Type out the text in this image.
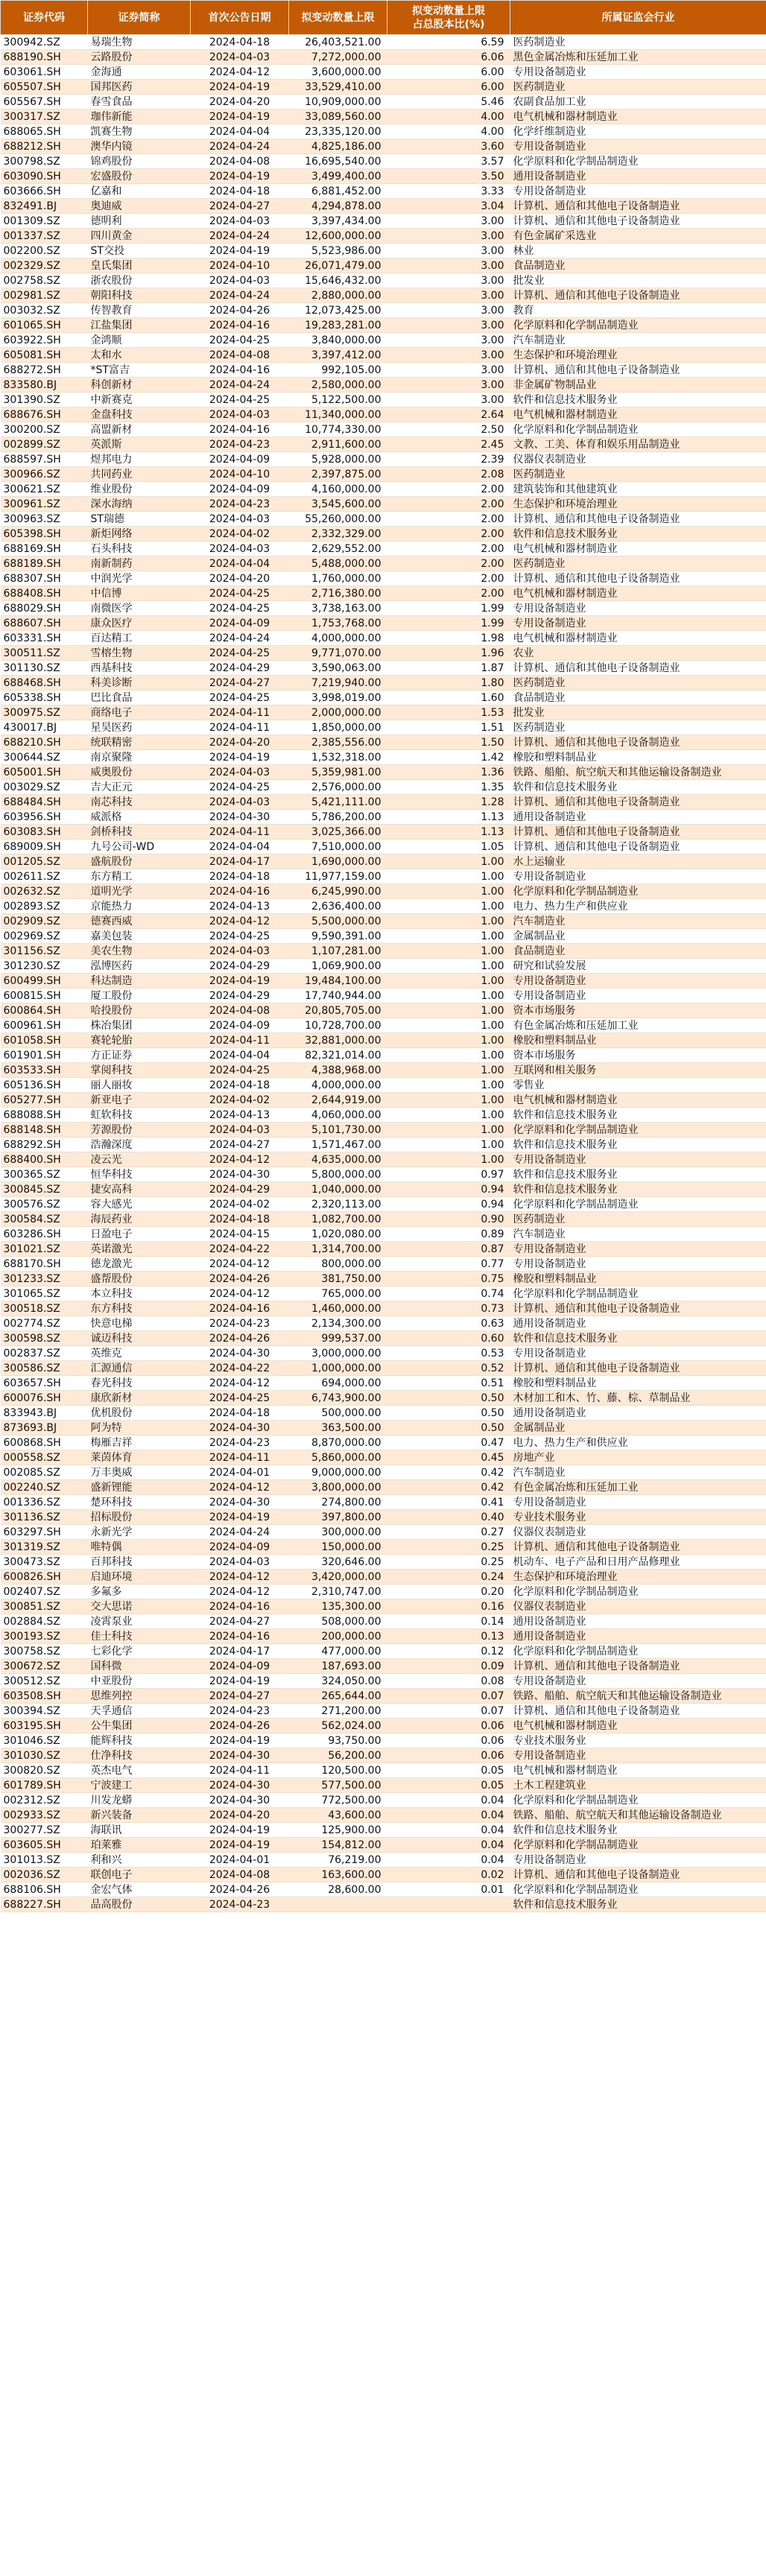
证券代码	证券简称	首次公告日期	拟变动数量上限	拟变动数量上限
占总股本比(%)	所属证监会行业
300942.SZ	易瑞生物	2024-04-18	26,403,521.00	6.59	医药制造业
688190.SH	云路股份	2024-04-03	7,272,000.00	6.06	黑色金属冶炼和压延加工业
603061.SH	金海通	2024-04-12	3,600,000.00	6.00	专用设备制造业
605507.SH	国邦医药	2024-04-19	33,529,410.00	6.00	医药制造业
605567.SH	春雪食品	2024-04-20	10,909,000.00	5.46	农副食品加工业
300317.SZ	珈伟新能	2024-04-19	33,089,560.00	4.00	电气机械和器材制造业
688065.SH	凯赛生物	2024-04-04	23,335,120.00	4.00	化学纤维制造业
688212.SH	澳华内镜	2024-04-24	4,825,186.00	3.60	专用设备制造业
300798.SZ	锦鸡股份	2024-04-08	16,695,540.00	3.57	化学原料和化学制品制造业
603090.SH	宏盛股份	2024-04-19	3,499,400.00	3.50	通用设备制造业
603666.SH	亿嘉和	2024-04-18	6,881,452.00	3.33	专用设备制造业
832491.BJ	奥迪威	2024-04-27	4,294,878.00	3.04	计算机、通信和其他电子设备制造业
001309.SZ	德明利	2024-04-03	3,397,434.00	3.00	计算机、通信和其他电子设备制造业
001337.SZ	四川黄金	2024-04-24	12,600,000.00	3.00	有色金属矿采选业
002200.SZ	ST交投	2024-04-19	5,523,986.00	3.00	林业
002329.SZ	皇氏集团	2024-04-10	26,071,479.00	3.00	食品制造业
002758.SZ	浙农股份	2024-04-03	15,646,432.00	3.00	批发业
002981.SZ	朝阳科技	2024-04-24	2,880,000.00	3.00	计算机、通信和其他电子设备制造业
003032.SZ	传智教育	2024-04-26	12,073,425.00	3.00	教育
601065.SH	江盐集团	2024-04-16	19,283,281.00	3.00	化学原料和化学制品制造业
603922.SH	金鸿顺	2024-04-25	3,840,000.00	3.00	汽车制造业
605081.SH	太和水	2024-04-08	3,397,412.00	3.00	生态保护和环境治理业
688272.SH	*ST富吉	2024-04-16	992,105.00	3.00	计算机、通信和其他电子设备制造业
833580.BJ	科创新材	2024-04-24	2,580,000.00	3.00	非金属矿物制品业
301390.SZ	中新赛克	2024-04-25	5,122,500.00	3.00	软件和信息技术服务业
688676.SH	金盘科技	2024-04-03	11,340,000.00	2.64	电气机械和器材制造业
300200.SZ	高盟新材	2024-04-16	10,774,330.00	2.50	化学原料和化学制品制造业
002899.SZ	英派斯	2024-04-23	2,911,600.00	2.45	文教、工美、体育和娱乐用品制造业
688597.SH	煜邦电力	2024-04-09	5,928,000.00	2.39	仪器仪表制造业
300966.SZ	共同药业	2024-04-10	2,397,875.00	2.08	医药制造业
300621.SZ	维业股份	2024-04-09	4,160,000.00	2.00	建筑装饰和其他建筑业
300961.SZ	深水海纳	2024-04-23	3,545,600.00	2.00	生态保护和环境治理业
300963.SZ	ST瑞德	2024-04-03	55,260,000.00	2.00	计算机、通信和其他电子设备制造业
605398.SH	新炬网络	2024-04-02	2,332,329.00	2.00	软件和信息技术服务业
688169.SH	石头科技	2024-04-03	2,629,552.00	2.00	电气机械和器材制造业
688189.SH	南新制药	2024-04-04	5,488,000.00	2.00	医药制造业
688307.SH	中润光学	2024-04-20	1,760,000.00	2.00	计算机、通信和其他电子设备制造业
688408.SH	中信博	2024-04-25	2,716,380.00	2.00	电气机械和器材制造业
688029.SH	南微医学	2024-04-25	3,738,163.00	1.99	专用设备制造业
688607.SH	康众医疗	2024-04-09	1,753,768.00	1.99	专用设备制造业
603331.SH	百达精工	2024-04-24	4,000,000.00	1.98	电气机械和器材制造业
300511.SZ	雪榕生物	2024-04-25	9,771,070.00	1.96	农业
301130.SZ	西基科技	2024-04-29	3,590,063.00	1.87	计算机、通信和其他电子设备制造业
688468.SH	科美诊断	2024-04-27	7,219,940.00	1.80	医药制造业
605338.SH	巴比食品	2024-04-25	3,998,019.00	1.60	食品制造业
300975.SZ	商络电子	2024-04-11	2,000,000.00	1.53	批发业
430017.BJ	星昊医药	2024-04-11	1,850,000.00	1.51	医药制造业
688210.SH	统联精密	2024-04-20	2,385,556.00	1.50	计算机、通信和其他电子设备制造业
300644.SZ	南京聚隆	2024-04-19	1,532,318.00	1.42	橡胶和塑料制品业
605001.SH	威奥股份	2024-04-03	5,359,981.00	1.36	铁路、船舶、航空航天和其他运输设备制造业
003029.SZ	吉大正元	2024-04-25	2,576,000.00	1.35	软件和信息技术服务业
688484.SH	南芯科技	2024-04-03	5,421,111.00	1.28	计算机、通信和其他电子设备制造业
603956.SH	威派格	2024-04-30	5,786,200.00	1.13	通用设备制造业
603083.SH	剑桥科技	2024-04-11	3,025,366.00	1.13	计算机、通信和其他电子设备制造业
689009.SH	九号公司-WD	2024-04-04	7,510,000.00	1.05	计算机、通信和其他电子设备制造业
001205.SZ	盛航股份	2024-04-17	1,690,000.00	1.00	水上运输业
002611.SZ	东方精工	2024-04-18	11,977,159.00	1.00	专用设备制造业
002632.SZ	道明光学	2024-04-16	6,245,990.00	1.00	化学原料和化学制品制造业
002893.SZ	京能热力	2024-04-13	2,636,400.00	1.00	电力、热力生产和供应业
002909.SZ	德赛西威	2024-04-12	5,500,000.00	1.00	汽车制造业
002969.SZ	嘉美包装	2024-04-25	9,590,391.00	1.00	金属制品业
301156.SZ	美农生物	2024-04-03	1,107,281.00	1.00	食品制造业
301230.SZ	泓博医药	2024-04-29	1,069,900.00	1.00	研究和试验发展
600499.SH	科达制造	2024-04-19	19,484,100.00	1.00	专用设备制造业
600815.SH	厦工股份	2024-04-29	17,740,944.00	1.00	专用设备制造业
600864.SH	哈投股份	2024-04-08	20,805,705.00	1.00	资本市场服务
600961.SH	株冶集团	2024-04-09	10,728,700.00	1.00	有色金属冶炼和压延加工业
601058.SH	赛轮轮胎	2024-04-11	32,881,000.00	1.00	橡胶和塑料制品业
601901.SH	方正证券	2024-04-04	82,321,014.00	1.00	资本市场服务
603533.SH	掌阅科技	2024-04-25	4,388,968.00	1.00	互联网和相关服务
605136.SH	丽人丽妆	2024-04-18	4,000,000.00	1.00	零售业
605277.SH	新亚电子	2024-04-02	2,644,919.00	1.00	电气机械和器材制造业
688088.SH	虹软科技	2024-04-13	4,060,000.00	1.00	软件和信息技术服务业
688148.SH	芳源股份	2024-04-03	5,101,730.00	1.00	化学原料和化学制品制造业
688292.SH	浩瀚深度	2024-04-27	1,571,467.00	1.00	软件和信息技术服务业
688400.SH	凌云光	2024-04-12	4,635,000.00	1.00	专用设备制造业
300365.SZ	恒华科技	2024-04-30	5,800,000.00	0.97	软件和信息技术服务业
300845.SZ	捷安高科	2024-04-29	1,040,000.00	0.94	软件和信息技术服务业
300576.SZ	容大感光	2024-04-02	2,320,113.00	0.94	化学原料和化学制品制造业
300584.SZ	海辰药业	2024-04-18	1,082,700.00	0.90	医药制造业
603286.SH	日盈电子	2024-04-15	1,020,080.00	0.89	汽车制造业
301021.SZ	英诺激光	2024-04-22	1,314,700.00	0.87	专用设备制造业
688170.SH	德龙激光	2024-04-12	800,000.00	0.77	专用设备制造业
301233.SZ	盛帮股份	2024-04-26	381,750.00	0.75	橡胶和塑料制品业
301065.SZ	本立科技	2024-04-12	765,000.00	0.74	化学原料和化学制品制造业
300518.SZ	东方科技	2024-04-16	1,460,000.00	0.73	计算机、通信和其他电子设备制造业
002774.SZ	快意电梯	2024-04-23	2,134,300.00	0.63	通用设备制造业
300598.SZ	诚迈科技	2024-04-26	999,537.00	0.60	软件和信息技术服务业
002837.SZ	英维克	2024-04-30	3,000,000.00	0.53	专用设备制造业
300586.SZ	汇源通信	2024-04-22	1,000,000.00	0.52	计算机、通信和其他电子设备制造业
603657.SH	春光科技	2024-04-12	694,000.00	0.51	橡胶和塑料制品业
600076.SH	康欣新材	2024-04-25	6,743,900.00	0.50	木材加工和木、竹、藤、棕、草制品业
833943.BJ	优机股份	2024-04-18	500,000.00	0.50	通用设备制造业
873693.BJ	阿为特	2024-04-30	363,500.00	0.50	金属制品业
600868.SH	梅雁吉祥	2024-04-23	8,870,000.00	0.47	电力、热力生产和供应业
000558.SZ	莱茵体育	2024-04-11	5,860,000.00	0.45	房地产业
002085.SZ	万丰奥威	2024-04-01	9,000,000.00	0.42	汽车制造业
002240.SZ	盛新锂能	2024-04-12	3,800,000.00	0.42	有色金属冶炼和压延加工业
001336.SZ	楚环科技	2024-04-30	274,800.00	0.41	专用设备制造业
301136.SZ	招标股份	2024-04-19	397,800.00	0.40	专业技术服务业
603297.SH	永新光学	2024-04-24	300,000.00	0.27	仪器仪表制造业
301319.SZ	唯特偶	2024-04-09	150,000.00	0.25	计算机、通信和其他电子设备制造业
300473.SZ	百邦科技	2024-04-03	320,646.00	0.25	机动车、电子产品和日用产品修理业
600826.SH	启迪环境	2024-04-12	3,420,000.00	0.24	生态保护和环境治理业
002407.SZ	多氟多	2024-04-12	2,310,747.00	0.20	化学原料和化学制品制造业
300851.SZ	交大思诺	2024-04-16	135,300.00	0.16	仪器仪表制造业
002884.SZ	凌霄泵业	2024-04-27	508,000.00	0.14	通用设备制造业
300193.SZ	佳士科技	2024-04-16	200,000.00	0.13	通用设备制造业
300758.SZ	七彩化学	2024-04-17	477,000.00	0.12	化学原料和化学制品制造业
300672.SZ	国科微	2024-04-09	187,693.00	0.09	计算机、通信和其他电子设备制造业
300512.SZ	中亚股份	2024-04-19	324,050.00	0.08	专用设备制造业
603508.SH	思维列控	2024-04-27	265,644.00	0.07	铁路、船舶、航空航天和其他运输设备制造业
300394.SZ	天孚通信	2024-04-23	271,200.00	0.07	计算机、通信和其他电子设备制造业
603195.SH	公牛集团	2024-04-26	562,024.00	0.06	电气机械和器材制造业
301046.SZ	能辉科技	2024-04-19	93,750.00	0.06	专业技术服务业
301030.SZ	仕净科技	2024-04-30	56,200.00	0.06	专用设备制造业
300820.SZ	英杰电气	2024-04-11	120,500.00	0.05	电气机械和器材制造业
601789.SH	宁波建工	2024-04-30	577,500.00	0.05	土木工程建筑业
002312.SZ	川发龙蟒	2024-04-30	772,500.00	0.04	化学原料和化学制品制造业
002933.SZ	新兴装备	2024-04-20	43,600.00	0.04	铁路、船舶、航空航天和其他运输设备制造业
300277.SZ	海联讯	2024-04-19	125,900.00	0.04	软件和信息技术服务业
603605.SH	珀莱雅	2024-04-19	154,812.00	0.04	化学原料和化学制品制造业
301013.SZ	利和兴	2024-04-01	76,219.00	0.04	专用设备制造业
002036.SZ	联创电子	2024-04-08	163,600.00	0.02	计算机、通信和其他电子设备制造业
688106.SH	金宏气体	2024-04-26	28,600.00	0.01	化学原料和化学制品制造业
688227.SH	品高股份	2024-04-23			软件和信息技术服务业
